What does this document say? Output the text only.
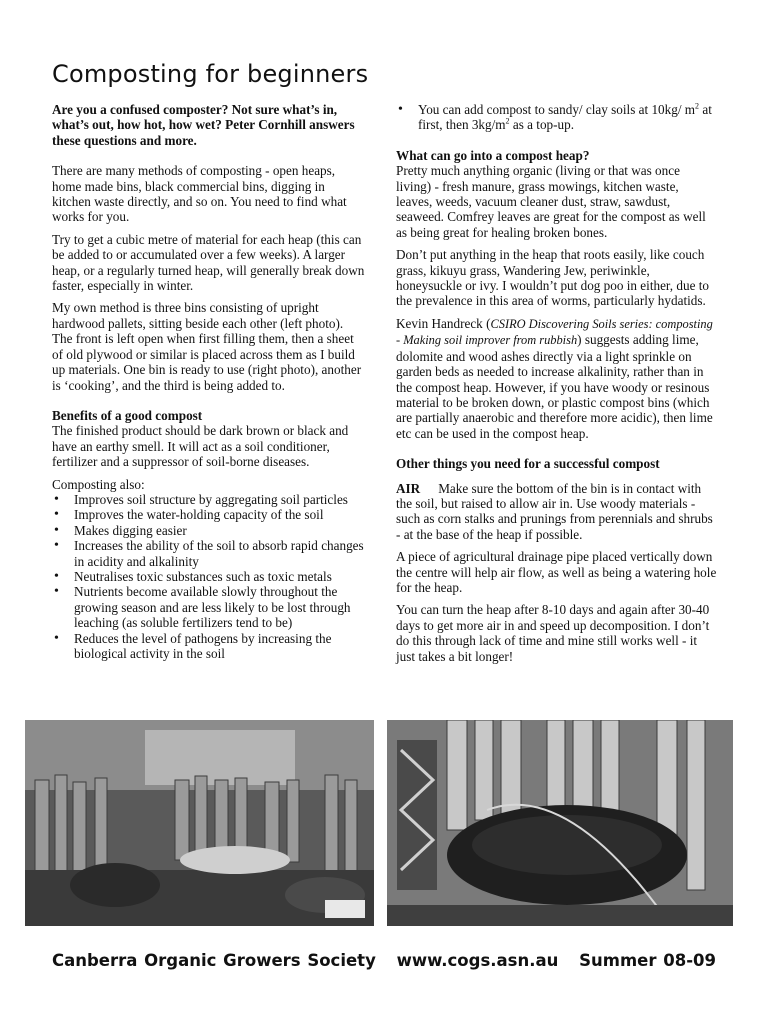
Composting for beginners

Are you a confused composter? Not sure what’s in, what’s out, how hot, how wet? Peter Cornhill answers these questions and more.

There are many methods of composting - open heaps, home made bins, black commercial bins, digging in kitchen waste directly, and so on. You need to find what works for you.

Try to get a cubic metre of material for each heap (this can be added to or accumulated over a few weeks). A larger heap, or a regularly turned heap, will generally break down faster, especially in winter.

My own method is three bins consisting of upright hardwood pallets, sitting beside each other (left photo). The front is left open when first filling them, then a sheet of old plywood or similar is placed across them as I build up materials. One bin is ready to use (right photo), another is ‘cooking’, and the third is being added to.

Benefits of a good compost
The finished product should be dark brown or black and have an earthy smell. It will act as a soil conditioner, fertilizer and a suppressor of soil-borne diseases.

Composting also:
• Improves soil structure by aggregating soil particles
• Improves the water-holding capacity of the soil
• Makes digging easier
• Increases the ability of the soil to absorb rapid changes in acidity and alkalinity
• Neutralises toxic substances such as toxic metals
• Nutrients become available slowly throughout the growing season and are less likely to be lost through leaching (as soluble fertilizers tend to be)
• Reduces the level of pathogens by increasing the biological activity in the soil
• You can add compost to sandy/ clay soils at 10kg/ $m^2$ at first, then $3kg/m^2$ as a top-up.

What can go into a compost heap?
Pretty much anything organic (living or that was once living) - fresh manure, grass mowings, kitchen waste, leaves, weeds, vacuum cleaner dust, straw, sawdust, seaweed. Comfrey leaves are great for the compost as well as being great for healing broken bones.

Don’t put anything in the heap that roots easily, like couch grass, kikuyu grass, Wandering Jew, periwinkle, honeysuckle or ivy. I wouldn’t put dog poo in either, due to the prevalence in this area of worms, particularly hydatids.

Kevin Handreck (CSIRO Discovering Soils series: composting - Making soil improver from rubbish) suggests adding lime, dolomite and wood ashes directly via a light sprinkle on garden beds as needed to increase alkalinity, rather than in the compost heap. However, if you have woody or resinous material to be broken down, or plastic compost bins (which are partially anaerobic and therefore more acidic), then lime etc can be used in the compost heap.

Other things you need for a successful compost

AIR Make sure the bottom of the bin is in contact with the soil, but raised to allow air in. Use woody materials - such as corn stalks and prunings from perennials and shrubs - at the base of the heap if possible.

A piece of agricultural drainage pipe placed vertically down the centre will help air flow, as well as being a watering hole for the heap.

You can turn the heap after 8-10 days and again after 30-40 days to get more air in and speed up decomposition. I don’t do this through lack of time and mine still works well - it just takes a bit longer!

Canberra Organic Growers Society www.cogs.asn.au Summer 08-09
